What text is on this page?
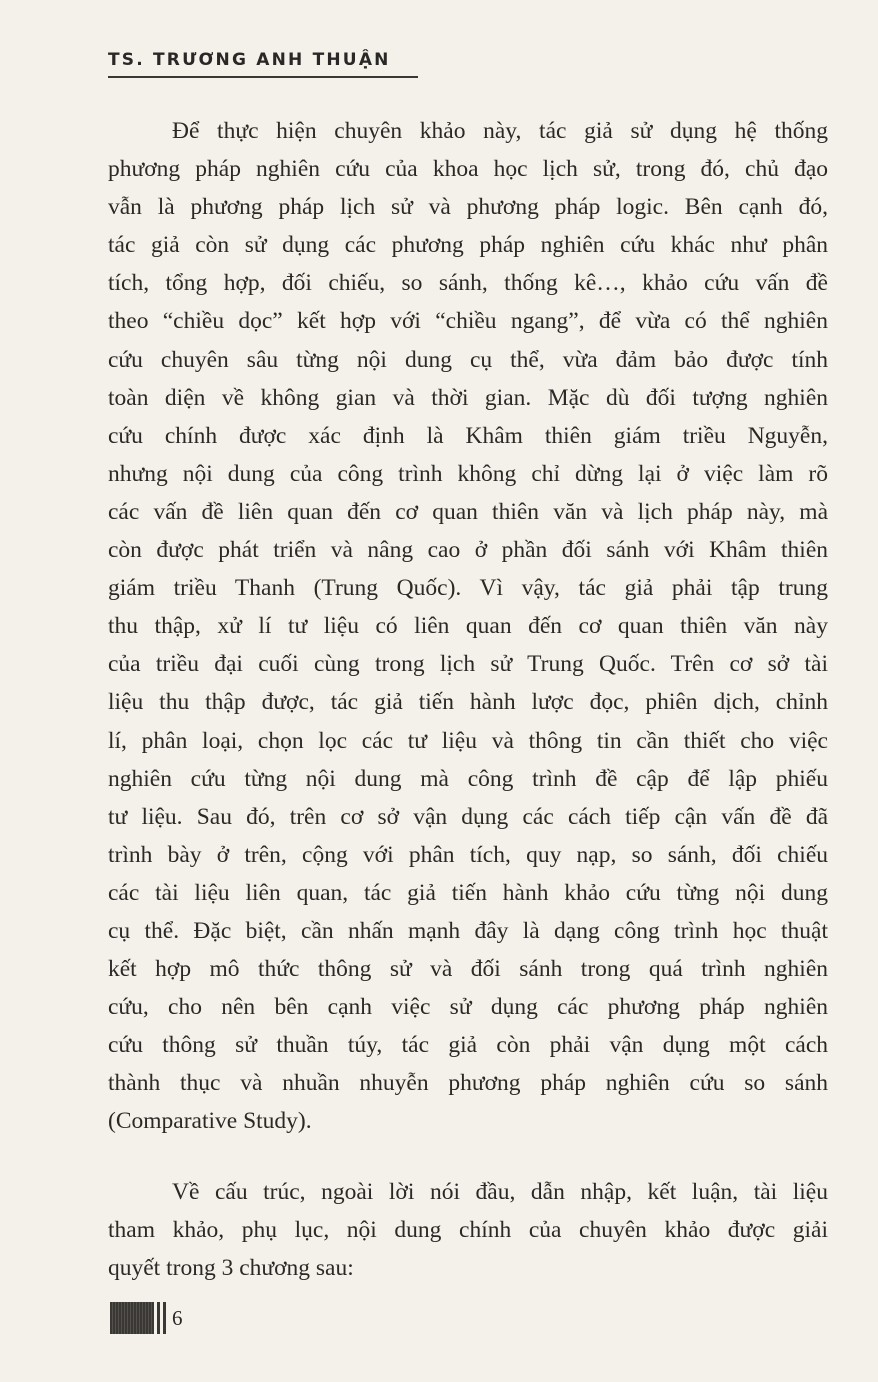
TS. TRƯƠNG ANH THUẬN
Để thực hiện chuyên khảo này, tác giả sử dụng hệ thống
phương pháp nghiên cứu của khoa học lịch sử, trong đó, chủ đạo
vẫn là phương pháp lịch sử và phương pháp logic. Bên cạnh đó,
tác giả còn sử dụng các phương pháp nghiên cứu khác như phân
tích, tổng hợp, đối chiếu, so sánh, thống kê…, khảo cứu vấn đề
theo “chiều dọc” kết hợp với “chiều ngang”, để vừa có thể nghiên
cứu chuyên sâu từng nội dung cụ thể, vừa đảm bảo được tính
toàn diện về không gian và thời gian. Mặc dù đối tượng nghiên
cứu chính được xác định là Khâm thiên giám triều Nguyễn,
nhưng nội dung của công trình không chỉ dừng lại ở việc làm rõ
các vấn đề liên quan đến cơ quan thiên văn và lịch pháp này, mà
còn được phát triển và nâng cao ở phần đối sánh với Khâm thiên
giám triều Thanh (Trung Quốc). Vì vậy, tác giả phải tập trung
thu thập, xử lí tư liệu có liên quan đến cơ quan thiên văn này
của triều đại cuối cùng trong lịch sử Trung Quốc. Trên cơ sở tài
liệu thu thập được, tác giả tiến hành lược đọc, phiên dịch, chỉnh
lí, phân loại, chọn lọc các tư liệu và thông tin cần thiết cho việc
nghiên cứu từng nội dung mà công trình đề cập để lập phiếu
tư liệu. Sau đó, trên cơ sở vận dụng các cách tiếp cận vấn đề đã
trình bày ở trên, cộng với phân tích, quy nạp, so sánh, đối chiếu
các tài liệu liên quan, tác giả tiến hành khảo cứu từng nội dung
cụ thể. Đặc biệt, cần nhấn mạnh đây là dạng công trình học thuật
kết hợp mô thức thông sử và đối sánh trong quá trình nghiên
cứu, cho nên bên cạnh việc sử dụng các phương pháp nghiên
cứu thông sử thuần túy, tác giả còn phải vận dụng một cách
thành thục và nhuần nhuyễn phương pháp nghiên cứu so sánh
(Comparative Study).
Về cấu trúc, ngoài lời nói đầu, dẫn nhập, kết luận, tài liệu
tham khảo, phụ lục, nội dung chính của chuyên khảo được giải
quyết trong 3 chương sau:
6
